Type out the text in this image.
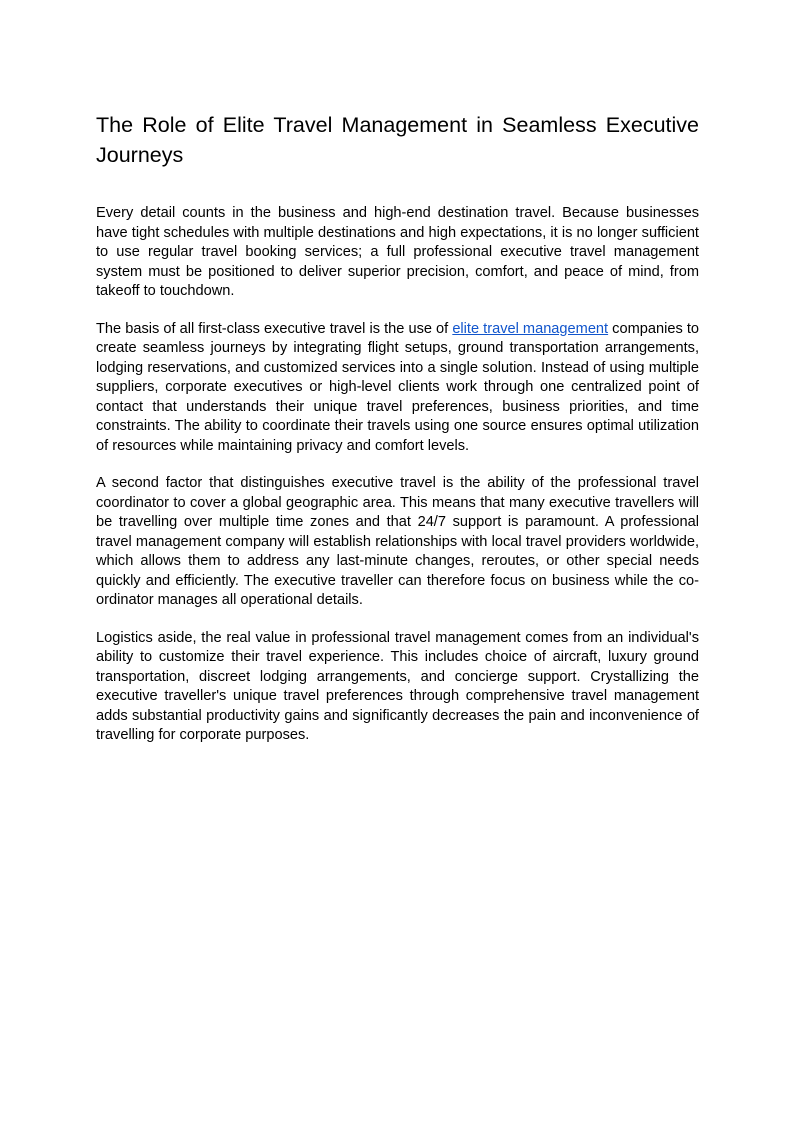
The Role of Elite Travel Management in Seamless Executive Journeys

Every detail counts in the business and high-end destination travel. Because businesses have tight schedules with multiple destinations and high expectations, it is no longer sufficient to use regular travel booking services; a full professional executive travel management system must be positioned to deliver superior precision, comfort, and peace of mind, from takeoff to touchdown.

The basis of all first-class executive travel is the use of elite travel management companies to create seamless journeys by integrating flight setups, ground transportation arrangements, lodging reservations, and customized services into a single solution. Instead of using multiple suppliers, corporate executives or high-level clients work through one centralized point of contact that understands their unique travel preferences, business priorities, and time constraints. The ability to coordinate their travels using one source ensures optimal utilization of resources while maintaining privacy and comfort levels.

A second factor that distinguishes executive travel is the ability of the professional travel coordinator to cover a global geographic area. This means that many executive travellers will be travelling over multiple time zones and that 24/7 support is paramount. A professional travel management company will establish relationships with local travel providers worldwide, which allows them to address any last-minute changes, reroutes, or other special needs quickly and efficiently. The executive traveller can therefore focus on business while the co-ordinator manages all operational details.

Logistics aside, the real value in professional travel management comes from an individual's ability to customize their travel experience. This includes choice of aircraft, luxury ground transportation, discreet lodging arrangements, and concierge support. Crystallizing the executive traveller's unique travel preferences through comprehensive travel management adds substantial productivity gains and significantly decreases the pain and inconvenience of travelling for corporate purposes.
